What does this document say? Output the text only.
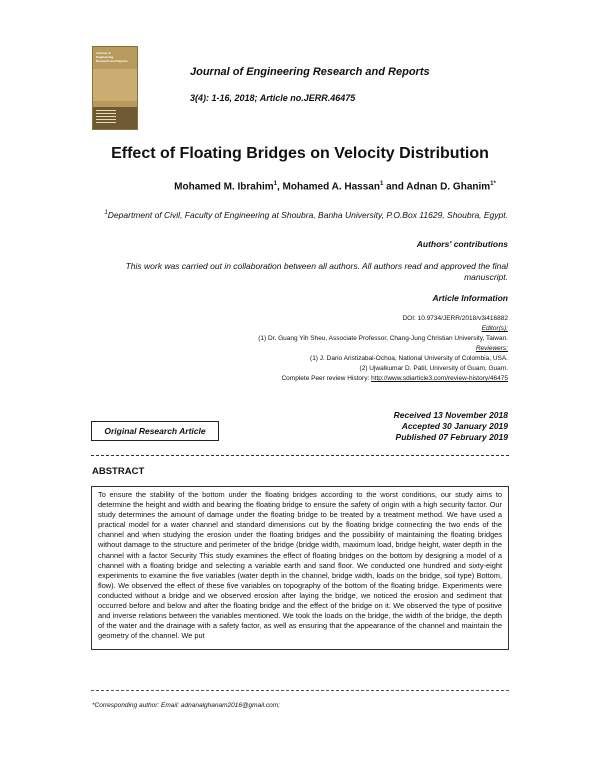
Journal of
Engineering
Research and Reports
Journal of Engineering Research and Reports
3(4): 1-16, 2018; Article no.JERR.46475
Effect of Floating Bridges on Velocity Distribution
Mohamed M. Ibrahim$^1$, Mohamed A. Hassan$^1$ and Adnan D. Ghanim$^{1*}$
$^1$Department of Civil, Faculty of Engineering at Shoubra, Banha University, P.O.Box 11629, Shoubra, Egypt.
Authors' contributions
This work was carried out in collaboration between all authors. All authors read and approved the final manuscript.
Article Information
DOI: 10.9734/JERR/2018/v3i416882
Editor(s):
(1) Dr. Guang Yih Sheu, Associate Professor, Chang-Jung Christian University, Taiwan.
Reviewers:
(1) J. Dario Aristizabal-Ochoa, National University of Colombia, USA.
(2) Ujwalkumar D. Patil, University of Guam, Guam.
Complete Peer review History: http://www.sdiarticle3.com/review-history/46475
Original Research Article
Received 13 November 2018
Accepted 30 January 2019
Published 07 February 2019
ABSTRACT

To ensure the stability of the bottom under the floating bridges according to the worst conditions, our study aims to determine the height and width and bearing the floating bridge to ensure the safety of origin with a high security factor. Our study determines the amount of damage under the floating bridge to be treated by a treatment method. We have used a practical model for a water channel and standard dimensions cut by the floating bridge connecting the two ends of the channel and when studying the erosion under the floating bridges and the possibility of maintaining the floating bridges without damage to the structure and perimeter of the bridge (bridge width, maximum load, bridge height, water depth in the channel with a factor Security This study examines the effect of floating bridges on the bottom by designing a model of a channel with a floating bridge and selecting a variable earth and sand floor. We conducted one hundred and sixty-eight experiments to examine the five variables (water depth in the channel, bridge width, loads on the bridge, soil type) Bottom, flow). We observed the effect of these five variables on topography of the bottom of the floating bridge. Experiments were conducted without a bridge and we observed erosion after laying the bridge, we noticed the erosion and sediment that occurred before and below and after the floating bridge and the effect of the bridge on it. We observed the type of positive and inverse relations between the variables mentioned. We took the loads on the bridge, the width of the bridge, the depth of the water and the drainage with a safety factor, as well as ensuring that the appearance of the channel and maintain the geometry of the channel. We put

*Corresponding author: Email: adnanalghanam2016@gmail.com;
